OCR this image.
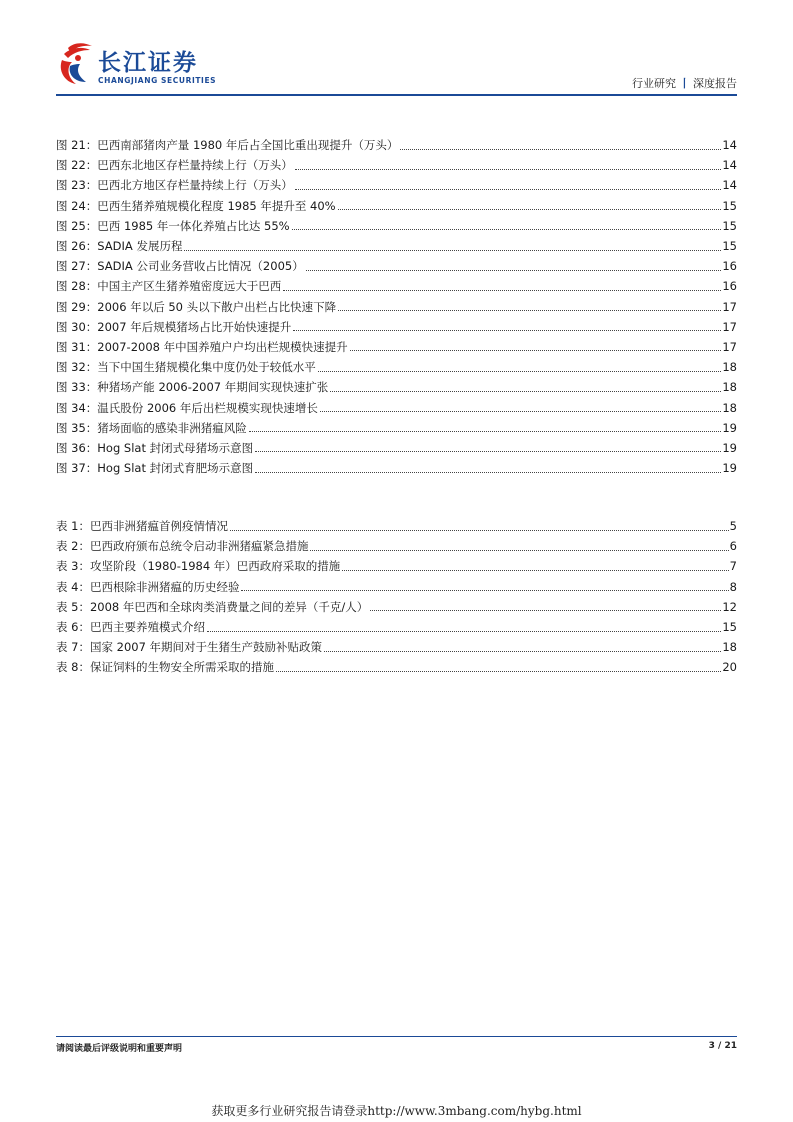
长江证券
CHANGJIANG SECURITIES	行业研究 丨 深度报告
图 21：巴西南部猪肉产量 1980 年后占全国比重出现提升（万头）	14
图 22：巴西东北地区存栏量持续上行（万头）	14
图 23：巴西北方地区存栏量持续上行（万头）	14
图 24：巴西生猪养殖规模化程度 1985 年提升至 40%	15
图 25：巴西 1985 年一体化养殖占比达 55%	15
图 26：SADIA 发展历程	15
图 27：SADIA 公司业务营收占比情况（2005）	16
图 28：中国主产区生猪养殖密度远大于巴西	16
图 29：2006 年以后 50 头以下散户出栏占比快速下降	17
图 30：2007 年后规模猪场占比开始快速提升	17
图 31：2007-2008 年中国养殖户户均出栏规模快速提升	17
图 32：当下中国生猪规模化集中度仍处于较低水平	18
图 33：种猪场产能 2006-2007 年期间实现快速扩张	18
图 34：温氏股份 2006 年后出栏规模实现快速增长	18
图 35：猪场面临的感染非洲猪瘟风险	19
图 36：Hog Slat 封闭式母猪场示意图	19
图 37：Hog Slat 封闭式育肥场示意图	19
表 1：巴西非洲猪瘟首例疫情情况	5
表 2：巴西政府颁布总统令启动非洲猪瘟紧急措施	6
表 3：攻坚阶段（1980-1984 年）巴西政府采取的措施	7
表 4：巴西根除非洲猪瘟的历史经验	8
表 5：2008 年巴西和全球肉类消费量之间的差异（千克/人）	12
表 6：巴西主要养殖模式介绍	15
表 7：国家 2007 年期间对于生猪生产鼓励补贴政策	18
表 8：保证饲料的生物安全所需采取的措施	20
请阅读最后评级说明和重要声明	3 / 21
获取更多行业研究报告请登录http://www.3mbang.com/hybg.html
